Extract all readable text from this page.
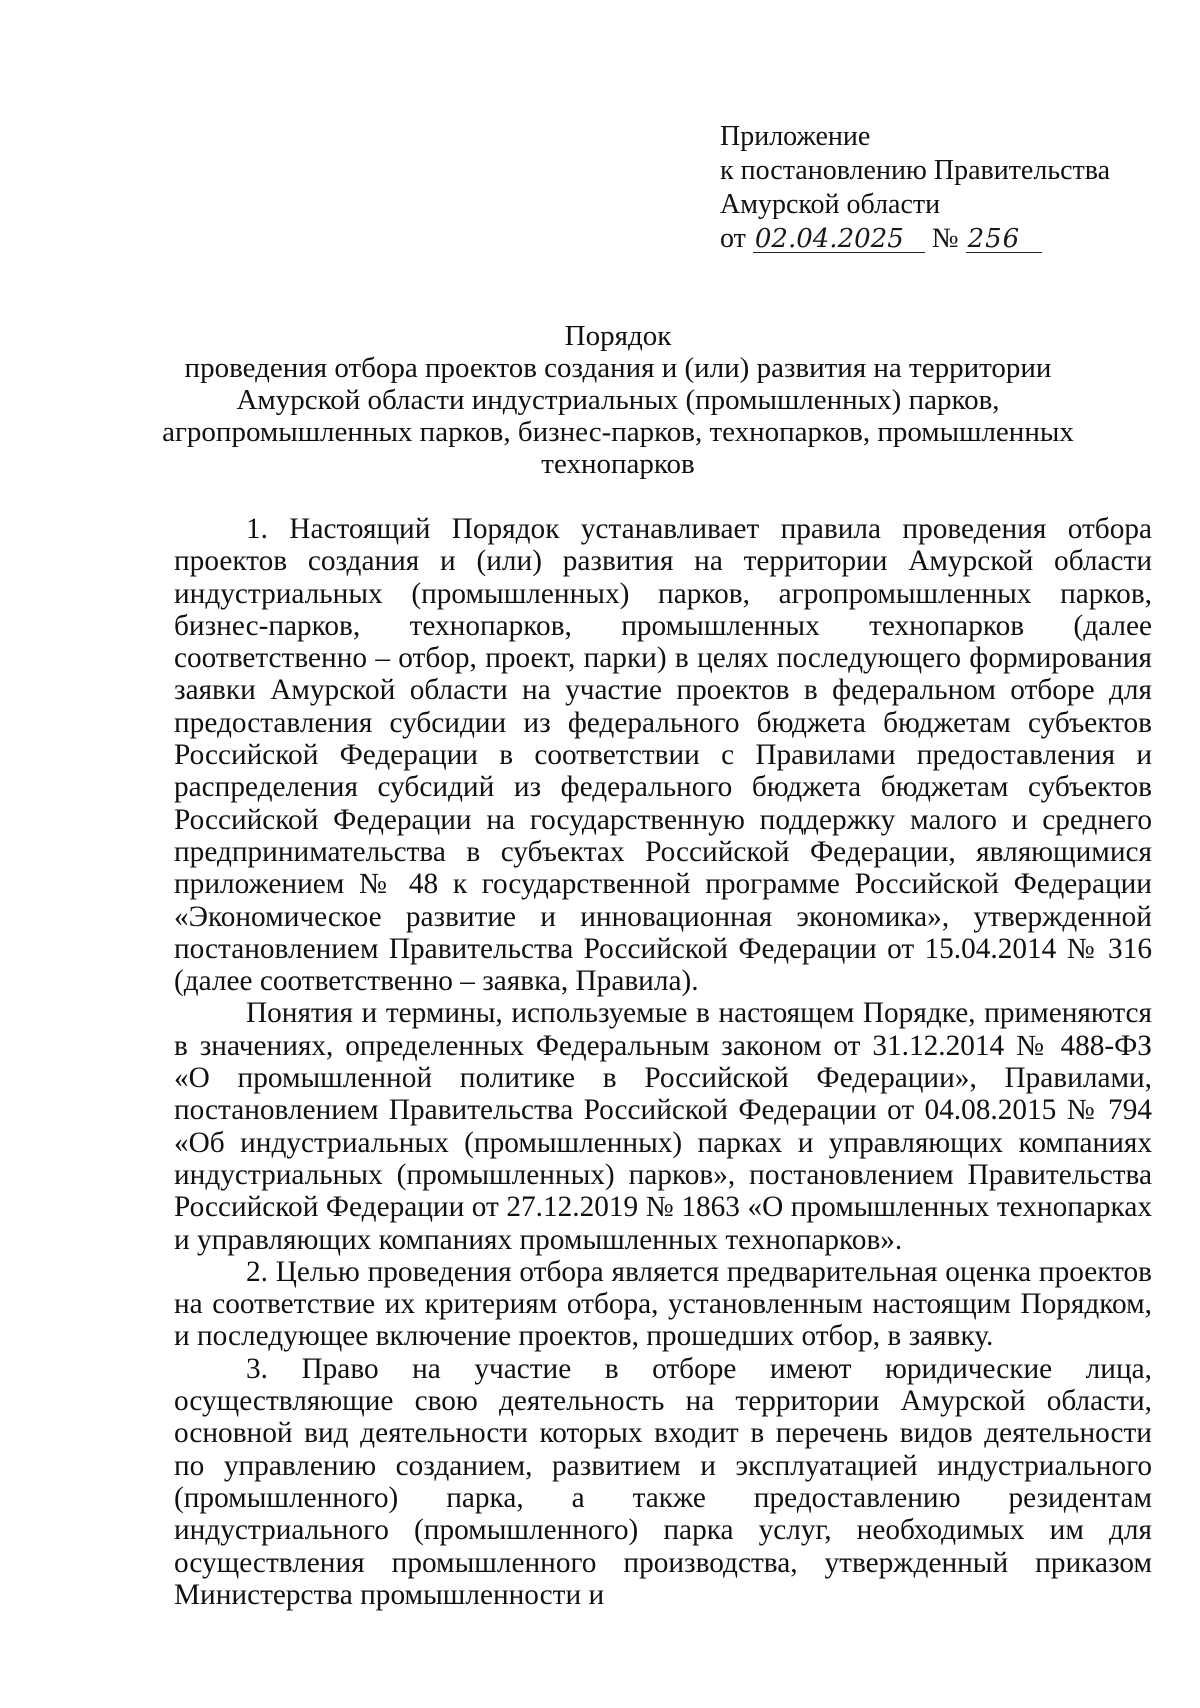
Приложение
к постановлению Правительства
Амурской области
от 02.04.2025 № 256
Порядок
проведения отбора проектов создания и (или) развития на территории Амурской области индустриальных (промышленных) парков, агропромышленных парков, бизнес-парков, технопарков, промышленных технопарков

1. Настоящий Порядок устанавливает правила проведения отбора проектов создания и (или) развития на территории Амурской области индустриальных (промышленных) парков, агропромышленных парков, бизнес-парков, технопарков, промышленных технопарков (далее соответственно – отбор, проект, парки) в целях последующего формирования заявки Амурской области на участие проектов в федеральном отборе для предоставления субсидии из федерального бюджета бюджетам субъектов Российской Федерации в соответствии с Правилами предоставления и распределения субсидий из федерального бюджета бюджетам субъектов Российской Федерации на государственную поддержку малого и среднего предпринимательства в субъектах Российской Федерации, являющимися приложением № 48 к государственной программе Российской Федерации «Экономическое развитие и инновационная экономика», утвержденной постановлением Правительства Российской Федерации от 15.04.2014 № 316 (далее соответственно – заявка, Правила).

Понятия и термины, используемые в настоящем Порядке, применяются в значениях, определенных Федеральным законом от 31.12.2014 № 488-ФЗ «О промышленной политике в Российской Федерации», Правилами, постановлением Правительства Российской Федерации от 04.08.2015 № 794 «Об индустриальных (промышленных) парках и управляющих компаниях индустриальных (промышленных) парков», постановлением Правительства Российской Федерации от 27.12.2019 № 1863 «О промышленных технопарках и управляющих компаниях промышленных технопарков».

2. Целью проведения отбора является предварительная оценка проектов на соответствие их критериям отбора, установленным настоящим Порядком, и последующее включение проектов, прошедших отбор, в заявку.

3. Право на участие в отборе имеют юридические лица, осуществляющие свою деятельность на территории Амурской области, основной вид деятельности которых входит в перечень видов деятельности по управлению созданием, развитием и эксплуатацией индустриального (промышленного) парка, а также предоставлению резидентам индустриального (промышленного) парка услуг, необходимых им для осуществления промышленного производства, утвержденный приказом Министерства промышленности и
